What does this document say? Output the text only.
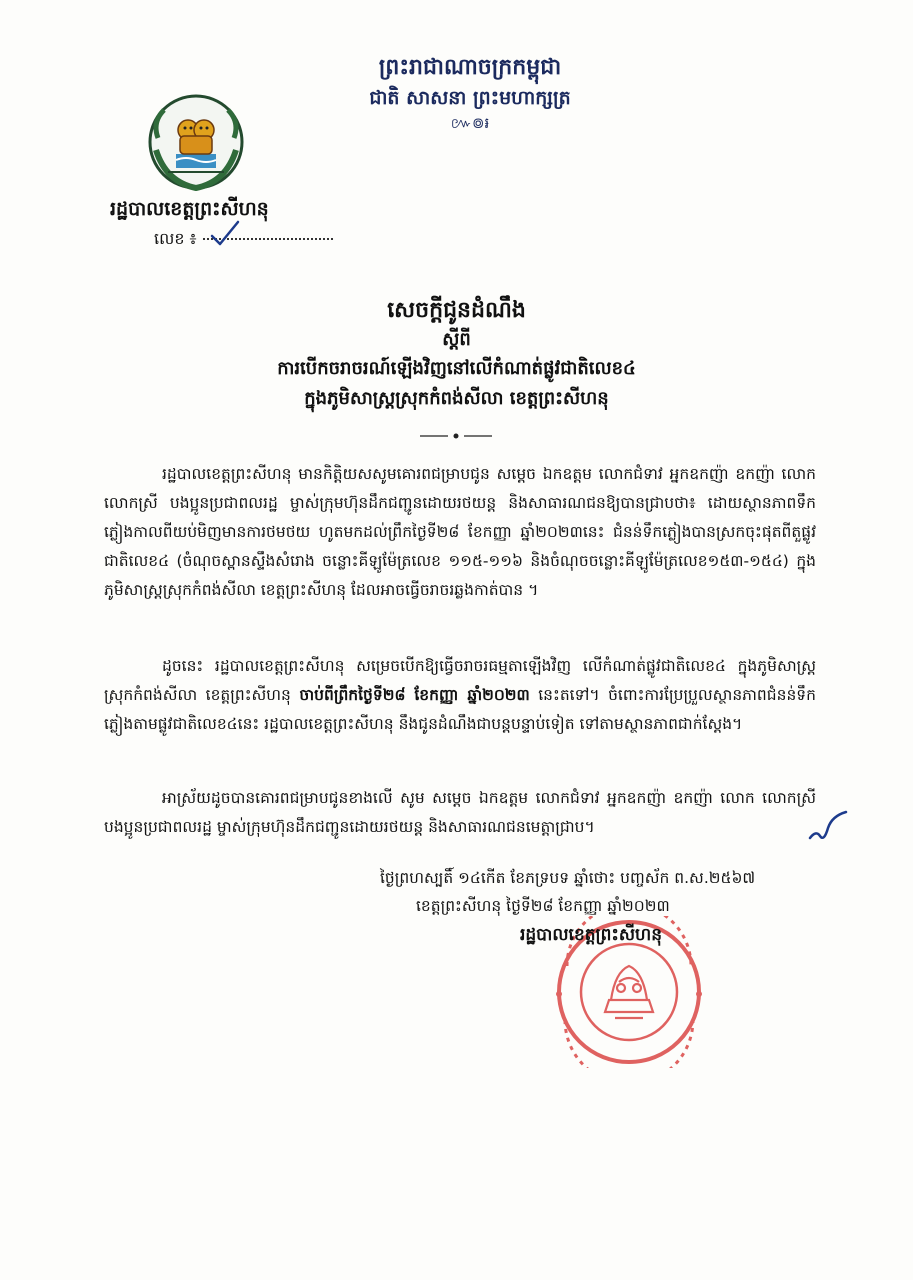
ព្រះរាជាណាចក្រកម្ពុជា
ជាតិ សាសនា ព្រះមហាក្សត្រ
៚៙៛
រដ្ឋបាលខេត្តព្រះសីហនុ
លេខ ៖
សេចក្តីជូនដំណឹង
ស្តីពី
ការបើកចរាចរណ៍ឡើងវិញនៅលើកំណាត់ផ្លូវជាតិលេខ៤
ក្នុងភូមិសាស្ត្រស្រុកកំពង់សីលា ខេត្តព្រះសីហនុ
រដ្ឋបាលខេត្តព្រះសីហនុ មានកិត្តិយសសូមគោរពជម្រាបជូន សម្តេច ឯកឧត្តម លោកជំទាវ អ្នកឧកញ៉ា ឧកញ៉ា លោក លោកស្រី បងប្អូនប្រជាពលរដ្ឋ ម្ចាស់ក្រុមហ៊ុនដឹកជញ្ជូនដោយរថយន្ត និងសាធារណជនឱ្យបានជ្រាបថា៖ ដោយស្ថានភាពទឹកភ្លៀងកាលពីយប់មិញមានការថមថយ ហូតមកដល់ព្រឹកថ្ងៃទី២៨ ខែកញ្ញា ឆ្នាំ២០២៣នេះ ជំនន់ទឹកភ្លៀងបានស្រកចុះផុតពីតួផ្លូវជាតិលេខ៤ (ចំណុចស្ពានស្ទឹងសំរោង ចន្លោះគីឡូម៉ែត្រលេខ ១១៥-១១៦ និងចំណុចចន្លោះគីឡូម៉ែត្រលេខ១៥៣-១៥៤) ក្នុងភូមិសាស្ត្រស្រុកកំពង់សីលា ខេត្តព្រះសីហនុ ដែលអាចធ្វើចរាចរឆ្លងកាត់បាន ។
ដូចនេះ រដ្ឋបាលខេត្តព្រះសីហនុ សម្រេចបើកឱ្យធ្វើចរាចរធម្មតាឡើងវិញ លើកំណាត់ផ្លូវជាតិលេខ៤ ក្នុងភូមិសាស្ត្រស្រុកកំពង់សីលា ខេត្តព្រះសីហនុ ចាប់ពីព្រឹកថ្ងៃទី២៨ ខែកញ្ញា ឆ្នាំ២០២៣ នេះតទៅ។ ចំពោះការប្រែប្រួលស្ថានភាពជំនន់ទឹកភ្លៀងតាមផ្លូវជាតិលេខ៤នេះ រដ្ឋបាលខេត្តព្រះសីហនុ នឹងជូនដំណឹងជាបន្តបន្ទាប់ទៀត ទៅតាមស្ថានភាពជាក់ស្តែង។
អាស្រ័យដូចបានគោរពជម្រាបជូនខាងលើ សូម សម្តេច ឯកឧត្តម លោកជំទាវ អ្នកឧកញ៉ា ឧកញ៉ា លោក លោកស្រី បងប្អូនប្រជាពលរដ្ឋ ម្ចាស់ក្រុមហ៊ុនដឹកជញ្ជូនដោយរថយន្ត និងសាធារណជនមេត្តាជ្រាប។
ថ្ងៃព្រហស្បតិ៍ ១៤កើត ខែភទ្របទ ឆ្នាំថោះ បញ្ចស័ក ព.ស.២៥៦៧
ខេត្តព្រះសីហនុ ថ្ងៃទី២៨ ខែកញ្ញា ឆ្នាំ២០២៣
រដ្ឋបាលខេត្តព្រះសីហនុ
